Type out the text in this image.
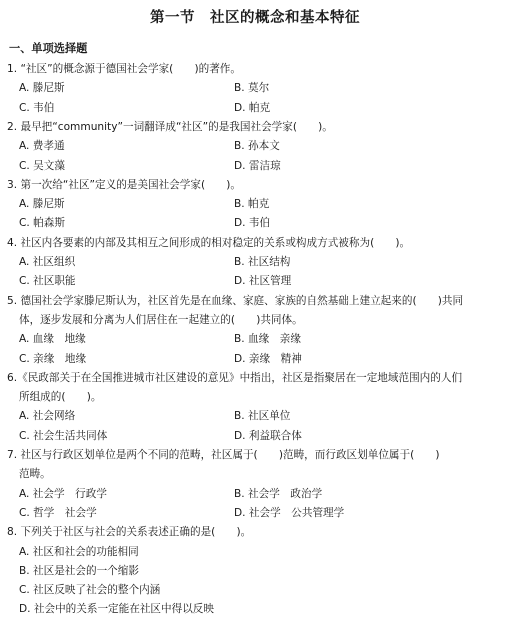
第一节　社区的概念和基本特征
一、单项选择题
1. “社区”的概念源于德国社会学家(　　)的著作。
A. 滕尼斯	B. 莫尔
C. 韦伯	D. 帕克
2. 最早把“community”一词翻译成“社区”的是我国社会学家(　　)。
A. 费孝通	B. 孙本文
C. 吴文藻	D. 雷洁琼
3. 第一次给“社区”定义的是美国社会学家(　　)。
A. 滕尼斯	B. 帕克
C. 帕森斯	D. 韦伯
4. 社区内各要素的内部及其相互之间形成的相对稳定的关系或构成方式被称为(　　)。
A. 社区组织	B. 社区结构
C. 社区职能	D. 社区管理
5. 德国社会学家滕尼斯认为，社区首先是在血缘、家庭、家族的自然基础上建立起来的(　　)共同
体，逐步发展和分离为人们居住在一起建立的(　　)共同体。
A. 血缘　地缘	B. 血缘　亲缘
C. 亲缘　地缘	D. 亲缘　精神
6.《民政部关于在全国推进城市社区建设的意见》中指出，社区是指聚居在一定地域范围内的人们
所组成的(　　)。
A. 社会网络	B. 社区单位
C. 社会生活共同体	D. 利益联合体
7. 社区与行政区划单位是两个不同的范畴，社区属于(　　)范畴，而行政区划单位属于(　　)
范畴。
A. 社会学　行政学	B. 社会学　政治学
C. 哲学　社会学	D. 社会学　公共管理学
8. 下列关于社区与社会的关系表述正确的是(　　)。
A. 社区和社会的功能相同
B. 社区是社会的一个缩影
C. 社区反映了社会的整个内涵
D. 社会中的关系一定能在社区中得以反映
